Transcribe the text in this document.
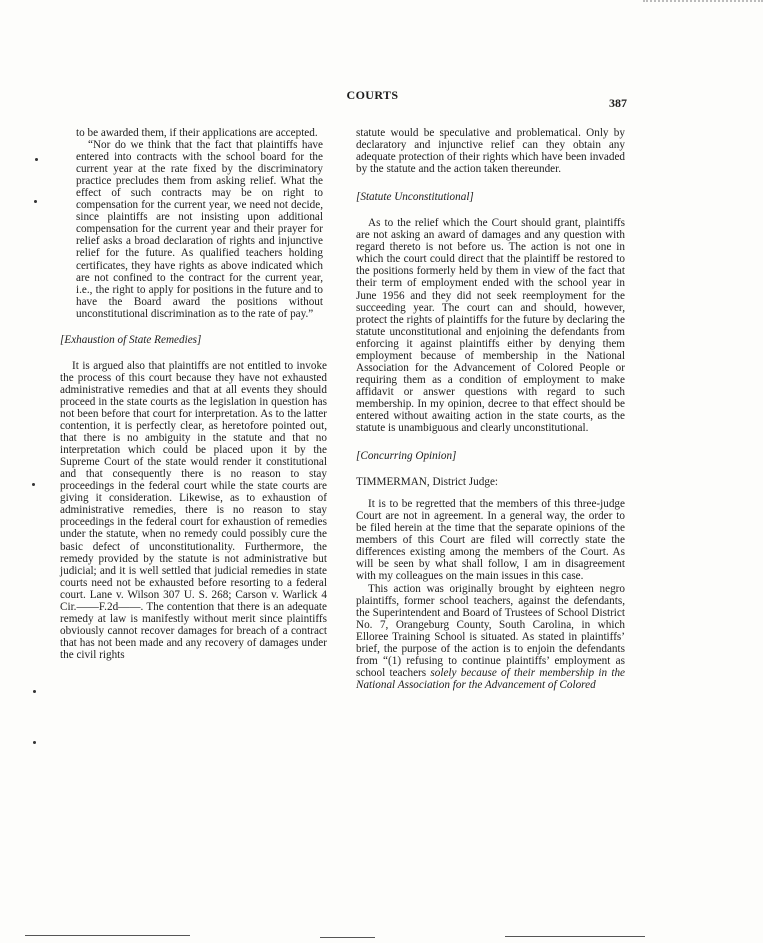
COURTS
387

to be awarded them, if their applications are accepted.

“Nor do we think that the fact that plaintiffs have entered into contracts with the school board for the current year at the rate fixed by the discriminatory practice precludes them from asking relief. What the effect of such contracts may be on right to compensation for the current year, we need not decide, since plaintiffs are not insisting upon additional compensation for the current year and their prayer for relief asks a broad declaration of rights and injunctive relief for the future. As qualified teachers holding certificates, they have rights as above indicated which are not confined to the contract for the current year, i.e., the right to apply for positions in the future and to have the Board award the positions without unconstitutional discrimination as to the rate of pay.”

[Exhaustion of State Remedies]

It is argued also that plaintiffs are not entitled to invoke the process of this court because they have not exhausted administrative remedies and that at all events they should proceed in the state courts as the legislation in question has not been before that court for interpretation. As to the latter contention, it is perfectly clear, as heretofore pointed out, that there is no ambiguity in the statute and that no interpretation which could be placed upon it by the Supreme Court of the state would render it constitutional and that consequently there is no reason to stay proceedings in the federal court while the state courts are giving it consideration. Likewise, as to exhaustion of administrative remedies, there is no reason to stay proceedings in the federal court for exhaustion of remedies under the statute, when no remedy could possibly cure the basic defect of unconstitutionality. Furthermore, the remedy provided by the statute is not administrative but judicial; and it is well settled that judicial remedies in state courts need not be exhausted before resorting to a federal court. Lane v. Wilson 307 U. S. 268; Carson v. Warlick 4 Cir.——F.2d——. The contention that there is an adequate remedy at law is manifestly without merit since plaintiffs obviously cannot recover damages for breach of a contract that has not been made and any recovery of damages under the civil rights

statute would be speculative and problematical. Only by declaratory and injunctive relief can they obtain any adequate protection of their rights which have been invaded by the statute and the action taken thereunder.

[Statute Unconstitutional]

As to the relief which the Court should grant, plaintiffs are not asking an award of damages and any question with regard thereto is not before us. The action is not one in which the court could direct that the plaintiff be restored to the positions formerly held by them in view of the fact that their term of employment ended with the school year in June 1956 and they did not seek reemployment for the succeeding year. The court can and should, however, protect the rights of plaintiffs for the future by declaring the statute unconstitutional and enjoining the defendants from enforcing it against plaintiffs either by denying them employment because of membership in the National Association for the Advancement of Colored People or requiring them as a condition of employment to make affidavit or answer questions with regard to such membership. In my opinion, decree to that effect should be entered without awaiting action in the state courts, as the statute is unambiguous and clearly unconstitutional.

[Concurring Opinion]

TIMMERMAN, District Judge:

It is to be regretted that the members of this three-judge Court are not in agreement. In a general way, the order to be filed herein at the time that the separate opinions of the members of this Court are filed will correctly state the differences existing among the members of the Court. As will be seen by what shall follow, I am in disagreement with my colleagues on the main issues in this case.

This action was originally brought by eighteen negro plaintiffs, former school teachers, against the defendants, the Superintendent and Board of Trustees of School District No. 7, Orangeburg County, South Carolina, in which Elloree Training School is situated. As stated in plaintiffs’ brief, the purpose of the action is to enjoin the defendants from “(1) refusing to continue plaintiffs’ employment as school teachers solely because of their membership in the National Association for the Advancement of Colored
